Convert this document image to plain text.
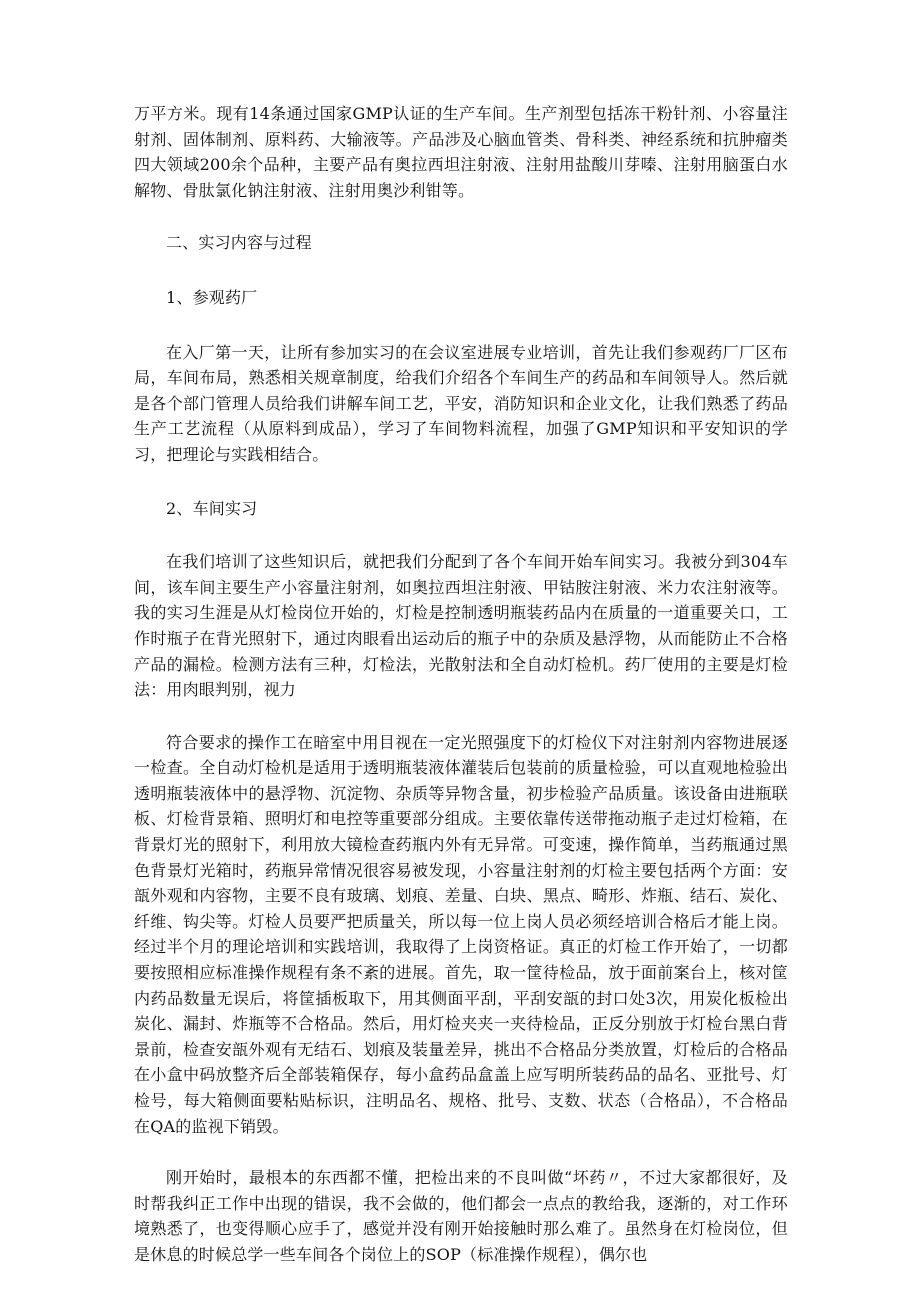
万平方米。现有14条通过国家GMP认证的生产车间。生产剂型包括冻干粉针剂、小容量注射剂、固体制剂、原料药、大输液等。产品涉及心脑血管类、骨科类、神经系统和抗肿瘤类四大领域200余个品种，主要产品有奥拉西坦注射液、注射用盐酸川芽嗪、注射用脑蛋白水解物、骨肽氯化钠注射液、注射用奥沙利钳等。

二、实习内容与过程

1、参观药厂

在入厂第一天，让所有参加实习的在会议室进展专业培训，首先让我们参观药厂厂区布局，车间布局，熟悉相关规章制度，给我们介绍各个车间生产的药品和车间领导人。然后就是各个部门管理人员给我们讲解车间工艺，平安，消防知识和企业文化，让我们熟悉了药品生产工艺流程（从原料到成品），学习了车间物料流程，加强了GMP知识和平安知识的学习，把理论与实践相结合。

2、车间实习

在我们培训了这些知识后，就把我们分配到了各个车间开始车间实习。我被分到304车间，该车间主要生产小容量注射剂，如奥拉西坦注射液、甲钴胺注射液、米力农注射液等。我的实习生涯是从灯检岗位开始的，灯检是控制透明瓶装药品内在质量的一道重要关口，工作时瓶子在背光照射下，通过肉眼看出运动后的瓶子中的杂质及悬浮物，从而能防止不合格产品的漏检。检测方法有三种，灯检法，光散射法和全自动灯检机。药厂使用的主要是灯检法：用肉眼判别，视力

符合要求的操作工在暗室中用目视在一定光照强度下的灯检仪下对注射剂内容物进展逐一检查。全自动灯检机是适用于透明瓶装液体灌装后包装前的质量检验，可以直观地检验出透明瓶装液体中的悬浮物、沉淀物、杂质等异物含量，初步检验产品质量。该设备由进瓶联板、灯检背景箱、照明灯和电控等重要部分组成。主要依靠传送带拖动瓶子走过灯检箱，在背景灯光的照射下，利用放大镜检查药瓶内外有无异常。可变速，操作简单，当药瓶通过黑色背景灯光箱时，药瓶异常情况很容易被发现，小容量注射剂的灯检主要包括两个方面：安瓿外观和内容物，主要不良有玻璃、划痕、差量、白块、黑点、畸形、炸瓶、结石、炭化、纤维、钩尖等。灯检人员要严把质量关，所以每一位上岗人员必须经培训合格后才能上岗。经过半个月的理论培训和实践培训，我取得了上岗资格证。真正的灯检工作开始了，一切都要按照相应标准操作规程有条不紊的进展。首先，取一筐待检品，放于面前案台上，核对筐内药品数量无误后，将筐插板取下，用其侧面平刮，平刮安瓿的封口处3次，用炭化板检出炭化、漏封、炸瓶等不合格品。然后，用灯检夹夹一夹待检品，正反分别放于灯检台黑白背景前，检查安瓿外观有无结石、划痕及装量差异，挑出不合格品分类放置，灯检后的合格品在小盒中码放整齐后全部装箱保存，每小盒药品盒盖上应写明所装药品的品名、亚批号、灯检号，每大箱侧面要粘贴标识，注明品名、规格、批号、支数、状态（合格品），不合格品在QA的监视下销毁。

刚开始时，最根本的东西都不懂，把检出来的不良叫做“坏药〃，不过大家都很好，及时帮我纠正工作中出现的错误，我不会做的，他们都会一点点的教给我，逐渐的，对工作环境熟悉了，也变得顺心应手了，感觉并没有刚开始接触时那么难了。虽然身在灯检岗位，但是休息的时候总学一些车间各个岗位上的SOP（标准操作规程），偶尔也
